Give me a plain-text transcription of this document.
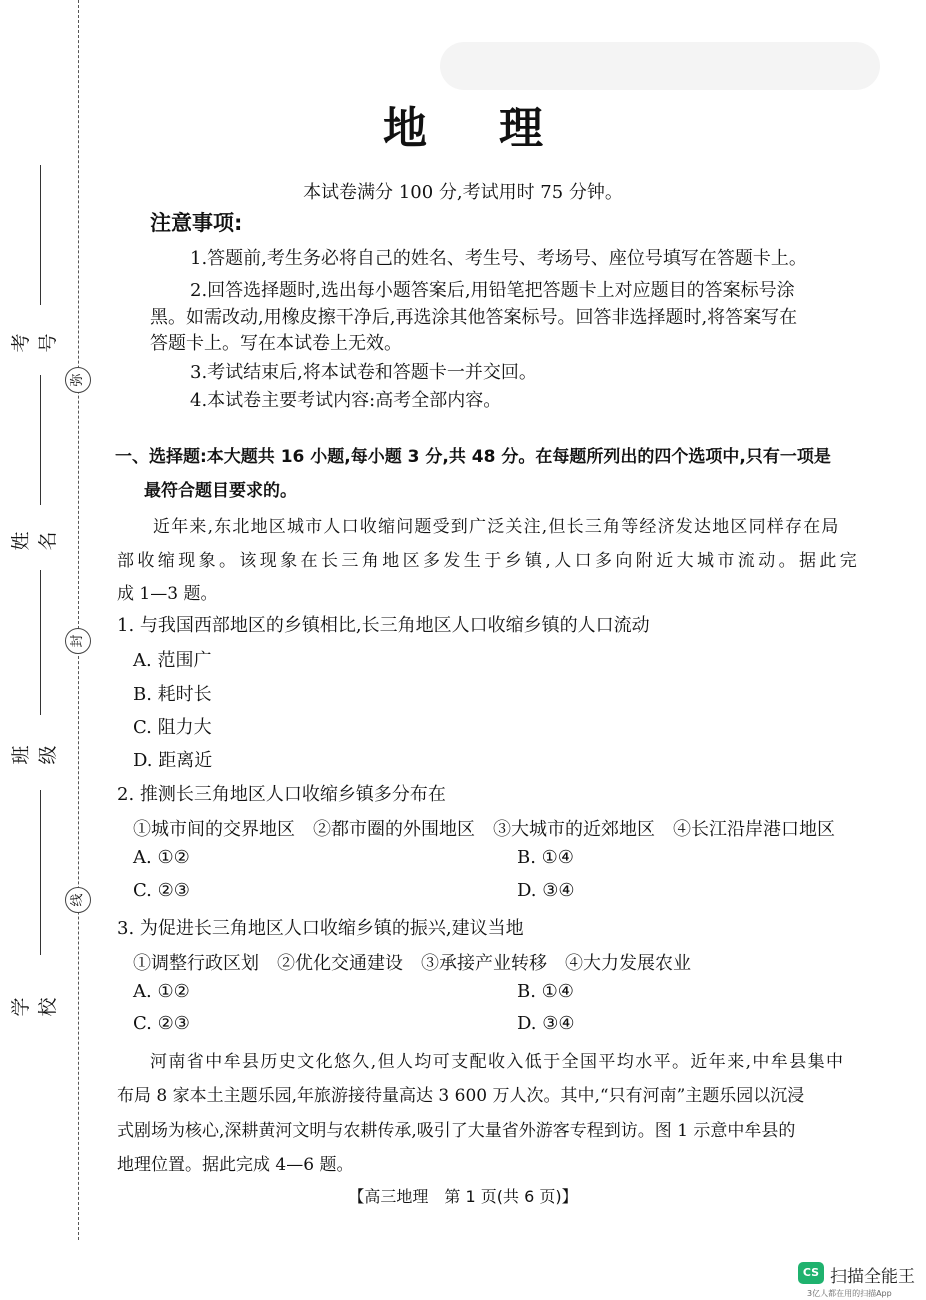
考号
弥
姓名
封
班级
线
学校
地理
本试卷满分 100 分,考试用时 75 分钟。
注意事项:
1.答题前,考生务必将自己的姓名、考生号、考场号、座位号填写在答题卡上。
2.回答选择题时,选出每小题答案后,用铅笔把答题卡上对应题目的答案标号涂
黑。如需改动,用橡皮擦干净后,再选涂其他答案标号。回答非选择题时,将答案写在
答题卡上。写在本试卷上无效。
3.考试结束后,将本试卷和答题卡一并交回。
4.本试卷主要考试内容:高考全部内容。
一、选择题:本大题共 16 小题,每小题 3 分,共 48 分。在每题所列出的四个选项中,只有一项是
最符合题目要求的。
近年来,东北地区城市人口收缩问题受到广泛关注,但长三角等经济发达地区同样存在局
部收缩现象。该现象在长三角地区多发生于乡镇,人口多向附近大城市流动。据此完
成 1—3 题。
1. 与我国西部地区的乡镇相比,长三角地区人口收缩乡镇的人口流动
A. 范围广
B. 耗时长
C. 阻力大
D. 距离近
2. 推测长三角地区人口收缩乡镇多分布在
①城市间的交界地区　②都市圈的外围地区　③大城市的近郊地区　④长江沿岸港口地区
A. ①②	B. ①④
C. ②③	D. ③④
3. 为促进长三角地区人口收缩乡镇的振兴,建议当地
①调整行政区划　②优化交通建设　③承接产业转移　④大力发展农业
A. ①②	B. ①④
C. ②③	D. ③④
河南省中牟县历史文化悠久,但人均可支配收入低于全国平均水平。近年来,中牟县集中
布局 8 家本土主题乐园,年旅游接待量高达 3 600 万人次。其中,“只有河南”主题乐园以沉浸
式剧场为核心,深耕黄河文明与农耕传承,吸引了大量省外游客专程到访。图 1 示意中牟县的
地理位置。据此完成 4—6 题。
【高三地理　第 1 页(共 6 页)】
CS 扫描全能王
3亿人都在用的扫描App
